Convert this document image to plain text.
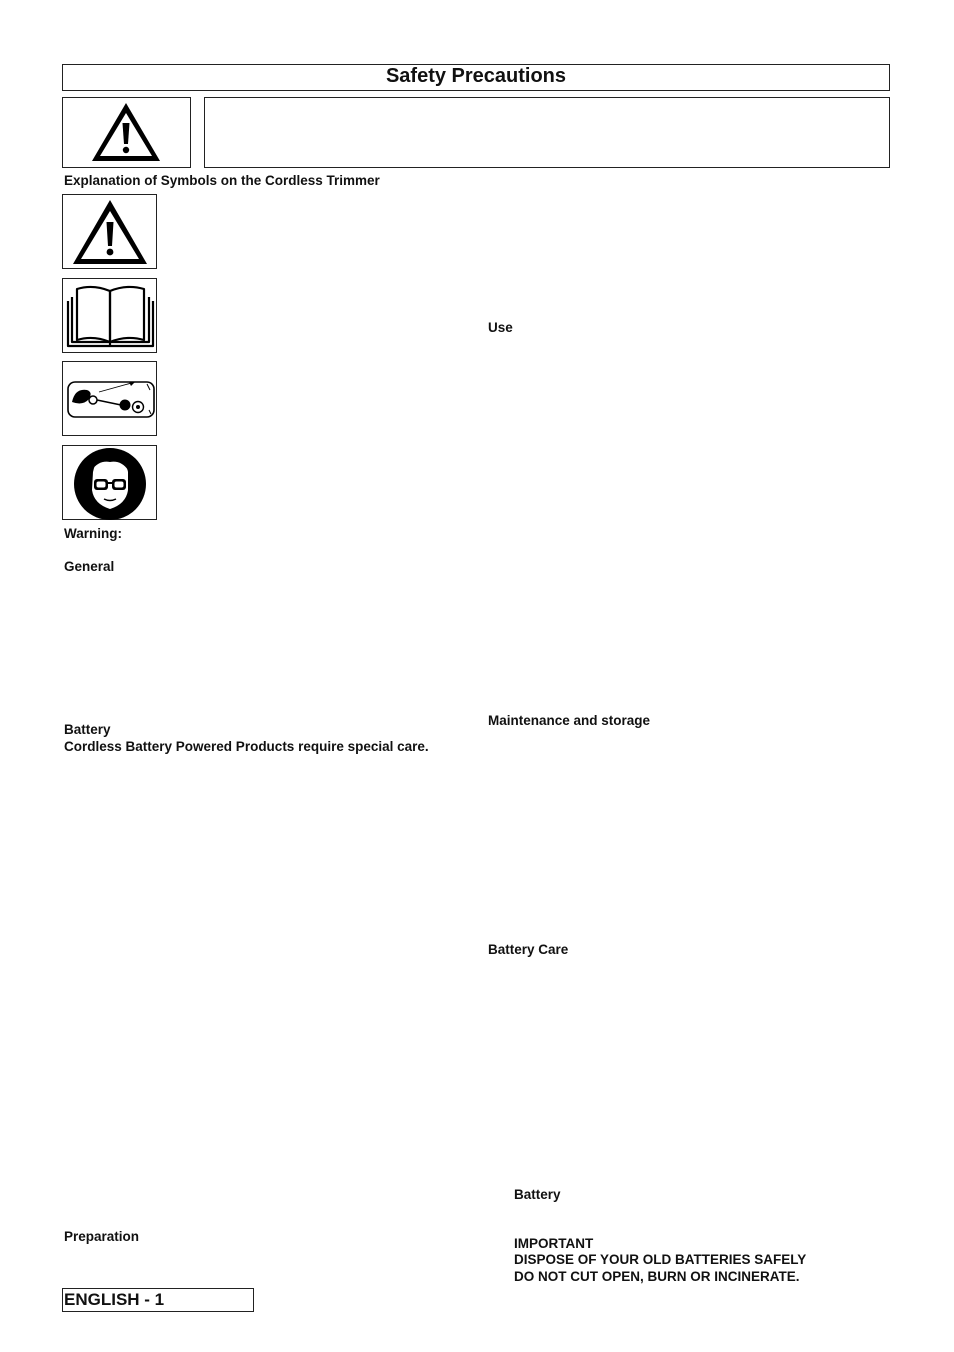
Safety Precautions
Explanation of Symbols on the Cordless Trimmer
Warning:
General
Battery
Cordless Battery Powered Products require special care.
Preparation
Use
Maintenance and storage
Battery Care
Battery
IMPORTANT
DISPOSE OF YOUR OLD BATTERIES SAFELY
DO NOT CUT OPEN, BURN OR INCINERATE.
ENGLISH - 1
